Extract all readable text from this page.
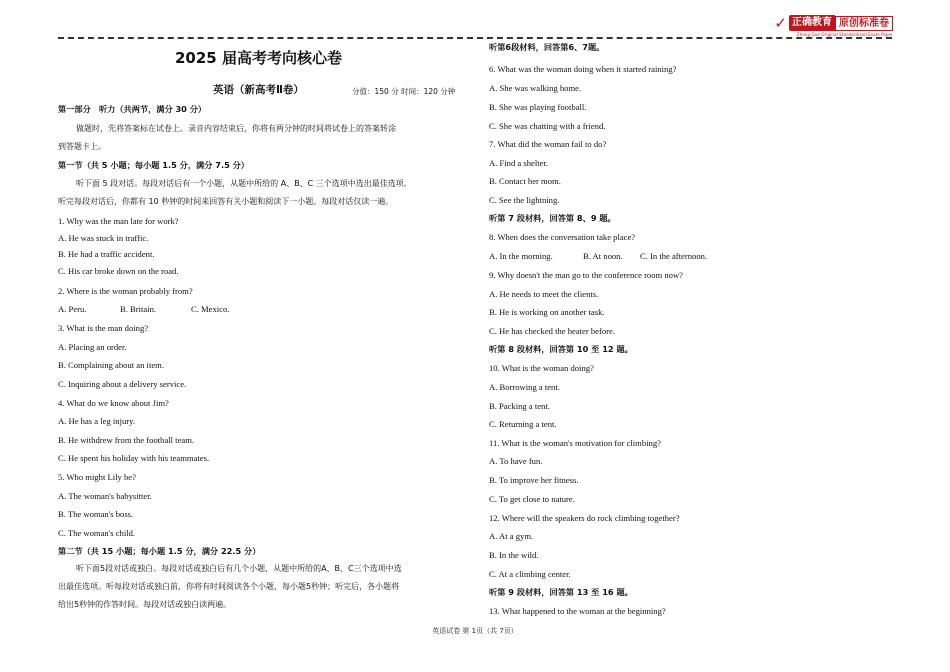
✓ 正确教育 原创标准卷
Zheng Que Original Standardized Exam Paper
2025 届高考考向核心卷
英语（新高考Ⅱ卷）	分值：150 分 时间：120 分钟
第一部分　听力（共两节，满分 30 分）
做题时，先将答案标在试卷上。录音内容结束后，你将有两分钟的时间将试卷上的答案转涂
到答题卡上。
第一节（共 5 小题；每小题 1.5 分，满分 7.5 分）
听下面 5 段对话。每段对话后有一个小题，从题中所给的 A、B、C 三个选项中选出最佳选项。
听完每段对话后，你都有 10 秒钟的时间来回答有关小题和阅读下一小题。每段对话仅读一遍。
1. Why was the man late for work?
A. He was stuck in traffic.
B. He had a traffic accident.
C. His car broke down on the road.
2. Where is the woman probably from?
A. Peru.	B. Britain.	C. Mexico.
3. What is the man doing?
A. Placing an order.
B. Complaining about an item.
C. Inquiring about a delivery service.
4. What do we know about Jim?
A. He has a leg injury.
B. He withdrew from the football team.
C. He spent his holiday with his teammates.
5. Who might Lily be?
A. The woman's babysitter.
B. The woman's boss.
C. The woman's child.
第二节（共 15 小题；每小题 1.5 分，满分 22.5 分）
听下面5段对话或独白。每段对话或独白后有几个小题，从题中所给的A、B、C三个选项中选
出最佳选项。听每段对话或独白前，你将有时间阅读各个小题，每小题5秒钟；听完后，各小题将
给出5秒钟的作答时间。每段对话或独白读两遍。
听第6段材料，回答第6、7题。
6. What was the woman doing when it started raining?
A. She was walking home.
B. She was playing football.
C. She was chatting with a friend.
7. What did the woman fail to do?
A. Find a shelter.
B. Contact her mom.
C. See the lightning.
听第 7 段材料，回答第 8、9 题。
8. When does the conversation take place?
A. In the morning.	B. At noon. C. In the afternoon.
9. Why doesn't the man go to the conference room now?
A. He needs to meet the clients.
B. He is working on another task.
C. He has checked the heater before.
听第 8 段材料，回答第 10 至 12 题。
10. What is the woman doing?
A. Borrowing a tent.
B. Packing a tent.
C. Returning a tent.
11. What is the woman's motivation for climbing?
A. To have fun.
B. To improve her fitness.
C. To get close to nature.
12. Where will the speakers do rock climbing together?
A. At a gym.
B. In the wild.
C. At a climbing center.
听第 9 段材料，回答第 13 至 16 题。
13. What happened to the woman at the beginning?
英语试卷 第 1页（共 7页）
